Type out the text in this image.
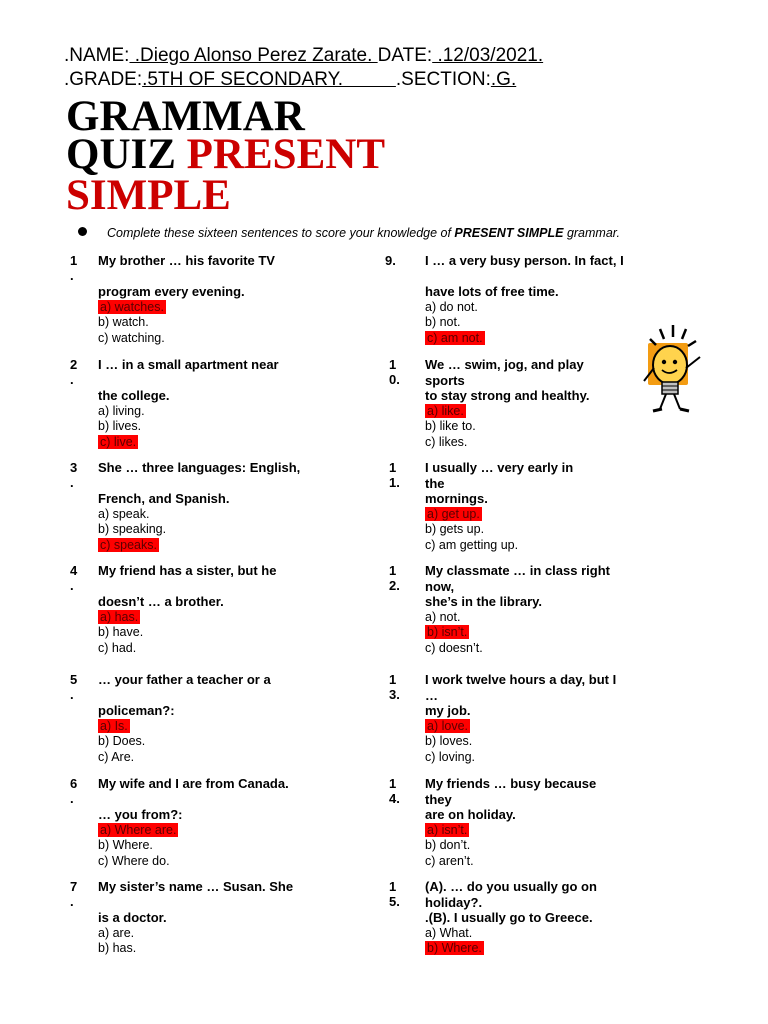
.NAME: .Diego Alonso Perez Zarate. DATE: .12/03/2021.
.GRADE:.5TH OF SECONDARY.          .SECTION:.G.
GRAMMAR
QUIZ PRESENT
SIMPLE
Complete these sixteen sentences to score your knowledge of PRESENT SIMPLE grammar.
1
.
My brother … his favorite TV
program every evening.
a) watches.
b) watch.
c) watching.
2
.
I … in a small apartment near
the college.
a) living.
b) lives.
c) live.
3
.
She … three languages: English,
French, and Spanish.
a) speak.
b) speaking.
c) speaks.
4
.
My friend has a sister, but he
doesn’t … a brother.
a) has.
b) have.
c) had.
5
.
… your father a teacher or a
policeman?:
a) Is.
b) Does.
c) Are.
6
.
My wife and I are from Canada.
… you from?:
a) Where are.
b) Where.
c) Where do.
7
.
My sister’s name … Susan. She
is a doctor.
a) are.
b) has.
9. I … a very busy person. In fact, I
have lots of free time.
a) do not.
b) not.
c) am not.
1
0.
We … swim, jog, and play
sports
to stay strong and healthy.
a) like.
b) like to.
c) likes.
1
1.
I usually … very early in
the
mornings.
a) get up.
b) gets up.
c) am getting up.
1
2.
My classmate … in class right
now,
she’s in the library.
a) not.
b) isn’t.
c) doesn’t.
1
3.
I work twelve hours a day, but I
…
my job.
a) love.
b) loves.
c) loving.
1
4.
My friends … busy because
they
are on holiday.
a) isn’t.
b) don’t.
c) aren’t.
1
5.
(A). … do you usually go on
holiday?.
.(B). I usually go to Greece.
a) What.
b) Where.
